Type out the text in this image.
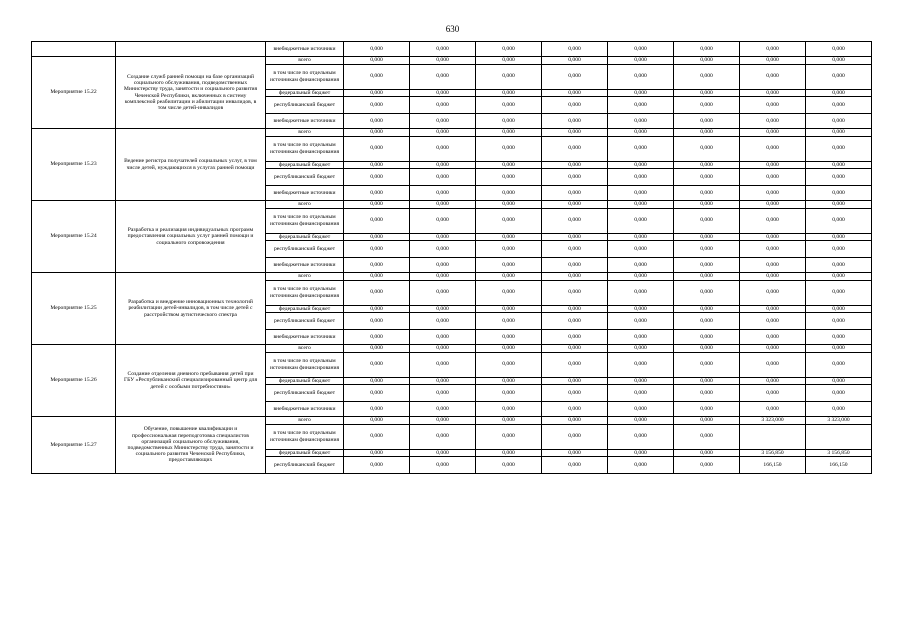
630
		внебюджетные источники	0,000	0,000	0,000	0,000	0,000	0,000	0,000	0,000
Мероприятие 15.22	Создание служб ранней помощи на базе организаций социального обслуживания, подведомственных Министерству труда, занятости и социального развития Чеченской Республики, включенных в систему комплексной реабилитации и абилитации инвалидов, в том числе детей-инвалидов	всего	0,000	0,000	0,000	0,000	0,000	0,000	0,000	0,000
		в том числе по отдельным источникам финансирования	0,000	0,000	0,000	0,000	0,000	0,000	0,000	0,000
		федеральный бюджет	0,000	0,000	0,000	0,000	0,000	0,000	0,000	0,000
		республиканский бюджет	0,000	0,000	0,000	0,000	0,000	0,000	0,000	0,000
		внебюджетные источники	0,000	0,000	0,000	0,000	0,000	0,000	0,000	0,000
Мероприятие 15.23	Ведение регистра получателей социальных услуг, в том числе детей, нуждающихся в услугах ранней помощи	всего	0,000	0,000	0,000	0,000	0,000	0,000	0,000	0,000
		в том числе по отдельным источникам финансирования	0,000	0,000	0,000	0,000	0,000	0,000	0,000	0,000
		федеральный бюджет	0,000	0,000	0,000	0,000	0,000	0,000	0,000	0,000
		республиканский бюджет	0,000	0,000	0,000	0,000	0,000	0,000	0,000	0,000
		внебюджетные источники	0,000	0,000	0,000	0,000	0,000	0,000	0,000	0,000
Мероприятие 15.24	Разработка и реализация индивидуальных программ предоставления социальных услуг ранней помощи и социального сопровождения	всего	0,000	0,000	0,000	0,000	0,000	0,000	0,000	0,000
		в том числе по отдельным источникам финансирования	0,000	0,000	0,000	0,000	0,000	0,000	0,000	0,000
		федеральный бюджет	0,000	0,000	0,000	0,000	0,000	0,000	0,000	0,000
		республиканский бюджет	0,000	0,000	0,000	0,000	0,000	0,000	0,000	0,000
		внебюджетные источники	0,000	0,000	0,000	0,000	0,000	0,000	0,000	0,000
Мероприятие 15.25	Разработка и внедрение инновационных технологий реабилитации детей-инвалидов, в том числе детей с расстройством аутистического спектра	всего	0,000	0,000	0,000	0,000	0,000	0,000	0,000	0,000
		в том числе по отдельным источникам финансирования	0,000	0,000	0,000	0,000	0,000	0,000	0,000	0,000
		федеральный бюджет	0,000	0,000	0,000	0,000	0,000	0,000	0,000	0,000
		республиканский бюджет	0,000	0,000	0,000	0,000	0,000	0,000	0,000	0,000
		внебюджетные источники	0,000	0,000	0,000	0,000	0,000	0,000	0,000	0,000
Мероприятие 15.26	Создание отделения дневного пребывания детей при ГБУ «Республиканский специализированный центр для детей с особыми потребностями»	всего	0,000	0,000	0,000	0,000	0,000	0,000	0,000	0,000
		в том числе по отдельным источникам финансирования	0,000	0,000	0,000	0,000	0,000	0,000	0,000	0,000
		федеральный бюджет	0,000	0,000	0,000	0,000	0,000	0,000	0,000	0,000
		республиканский бюджет	0,000	0,000	0,000	0,000	0,000	0,000	0,000	0,000
		внебюджетные источники	0,000	0,000	0,000	0,000	0,000	0,000	0,000	0,000
Мероприятие 15.27	Обучение, повышение квалификации и профессиональная переподготовка специалистов организаций социального обслуживания, подведомственных Министерству труда, занятости и социального развития Чеченской Республики, предоставляющих	всего	0,000	0,000	0,000	0,000	0,000	0,000	3 323,000	3 323,000
		в том числе по отдельным источникам финансирования	0,000	0,000	0,000	0,000	0,000	0,000		
		федеральный бюджет	0,000	0,000	0,000	0,000	0,000	0,000	3 156,850	3 156,850
		республиканский бюджет	0,000	0,000	0,000	0,000	0,000	0,000	166,150	166,150
